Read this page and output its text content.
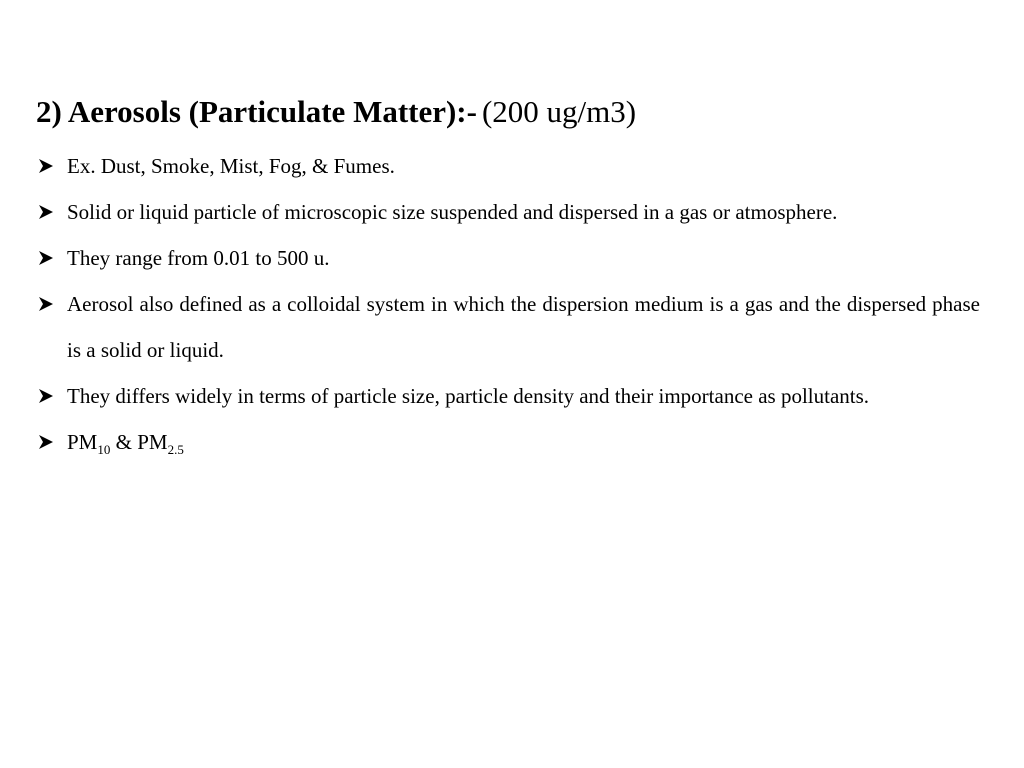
2) Aerosols (Particulate Matter):- (200 ug/m3)
Ex. Dust, Smoke, Mist, Fog, & Fumes.
Solid or liquid particle of microscopic size suspended and dispersed in a gas or atmosphere.
They range from 0.01 to 500 u.
Aerosol also defined as a colloidal system in which the dispersion medium is a gas and the dispersed phase is a solid or liquid.
They differs widely in terms of particle size, particle density and their importance as pollutants.
$PM_{10}$ & $PM_{2.5}$
